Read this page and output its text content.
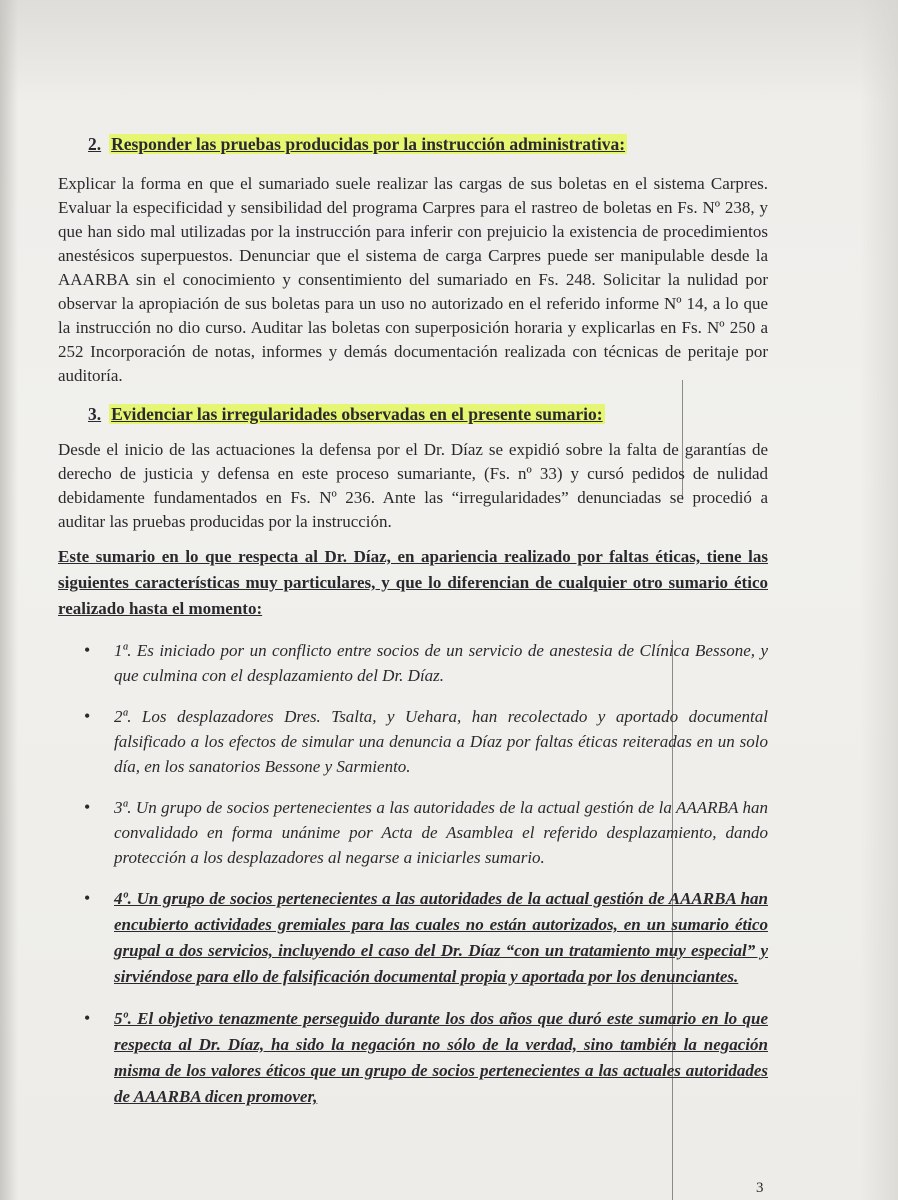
2. Responder las pruebas producidas por la instrucción administrativa:

Explicar la forma en que el sumariado suele realizar las cargas de sus boletas en el sistema Carpres. Evaluar la especificidad y sensibilidad del programa Carpres para el rastreo de boletas en Fs. Nº 238, y que han sido mal utilizadas por la instrucción para inferir con prejuicio la existencia de procedimientos anestésicos superpuestos. Denunciar que el sistema de carga Carpres puede ser manipulable desde la AAARBA sin el conocimiento y consentimiento del sumariado en Fs. 248. Solicitar la nulidad por observar la apropiación de sus boletas para un uso no autorizado en el referido informe Nº 14, a lo que la instrucción no dio curso. Auditar las boletas con superposición horaria y explicarlas en Fs. Nº 250 a 252 Incorporación de notas, informes y demás documentación realizada con técnicas de peritaje por auditoría.

3. Evidenciar las irregularidades observadas en el presente sumario:

Desde el inicio de las actuaciones la defensa por el Dr. Díaz se expidió sobre la falta de garantías de derecho de justicia y defensa en este proceso sumariante, (Fs. nº 33) y cursó pedidos de nulidad debidamente fundamentados en Fs. Nº 236. Ante las “irregularidades” denunciadas se procedió a auditar las pruebas producidas por la instrucción.

Este sumario en lo que respecta al Dr. Díaz, en apariencia realizado por faltas éticas, tiene las siguientes características muy particulares, y que lo diferencian de cualquier otro sumario ético realizado hasta el momento:

• 1ª. Es iniciado por un conflicto entre socios de un servicio de anestesia de Clínica Bessone, y que culmina con el desplazamiento del Dr. Díaz.
• 2ª. Los desplazadores Dres. Tsalta, y Uehara, han recolectado y aportado documental falsificado a los efectos de simular una denuncia a Díaz por faltas éticas reiteradas en un solo día, en los sanatorios Bessone y Sarmiento.
• 3ª. Un grupo de socios pertenecientes a las autoridades de la actual gestión de la AAARBA han convalidado en forma unánime por Acta de Asamblea el referido desplazamiento, dando protección a los desplazadores al negarse a iniciarles sumario.
• 4º. Un grupo de socios pertenecientes a las autoridades de la actual gestión de AAARBA han encubierto actividades gremiales para las cuales no están autorizados, en un sumario ético grupal a dos servicios, incluyendo el caso del Dr. Díaz “con un tratamiento muy especial” y sirviéndose para ello de falsificación documental propia y aportada por los denunciantes.
• 5º. El objetivo tenazmente perseguido durante los dos años que duró este sumario en lo que respecta al Dr. Díaz, ha sido la negación no sólo de la verdad, sino también la negación misma de los valores éticos que un grupo de socios pertenecientes a las actuales autoridades de AAARBA dicen promover,
3
